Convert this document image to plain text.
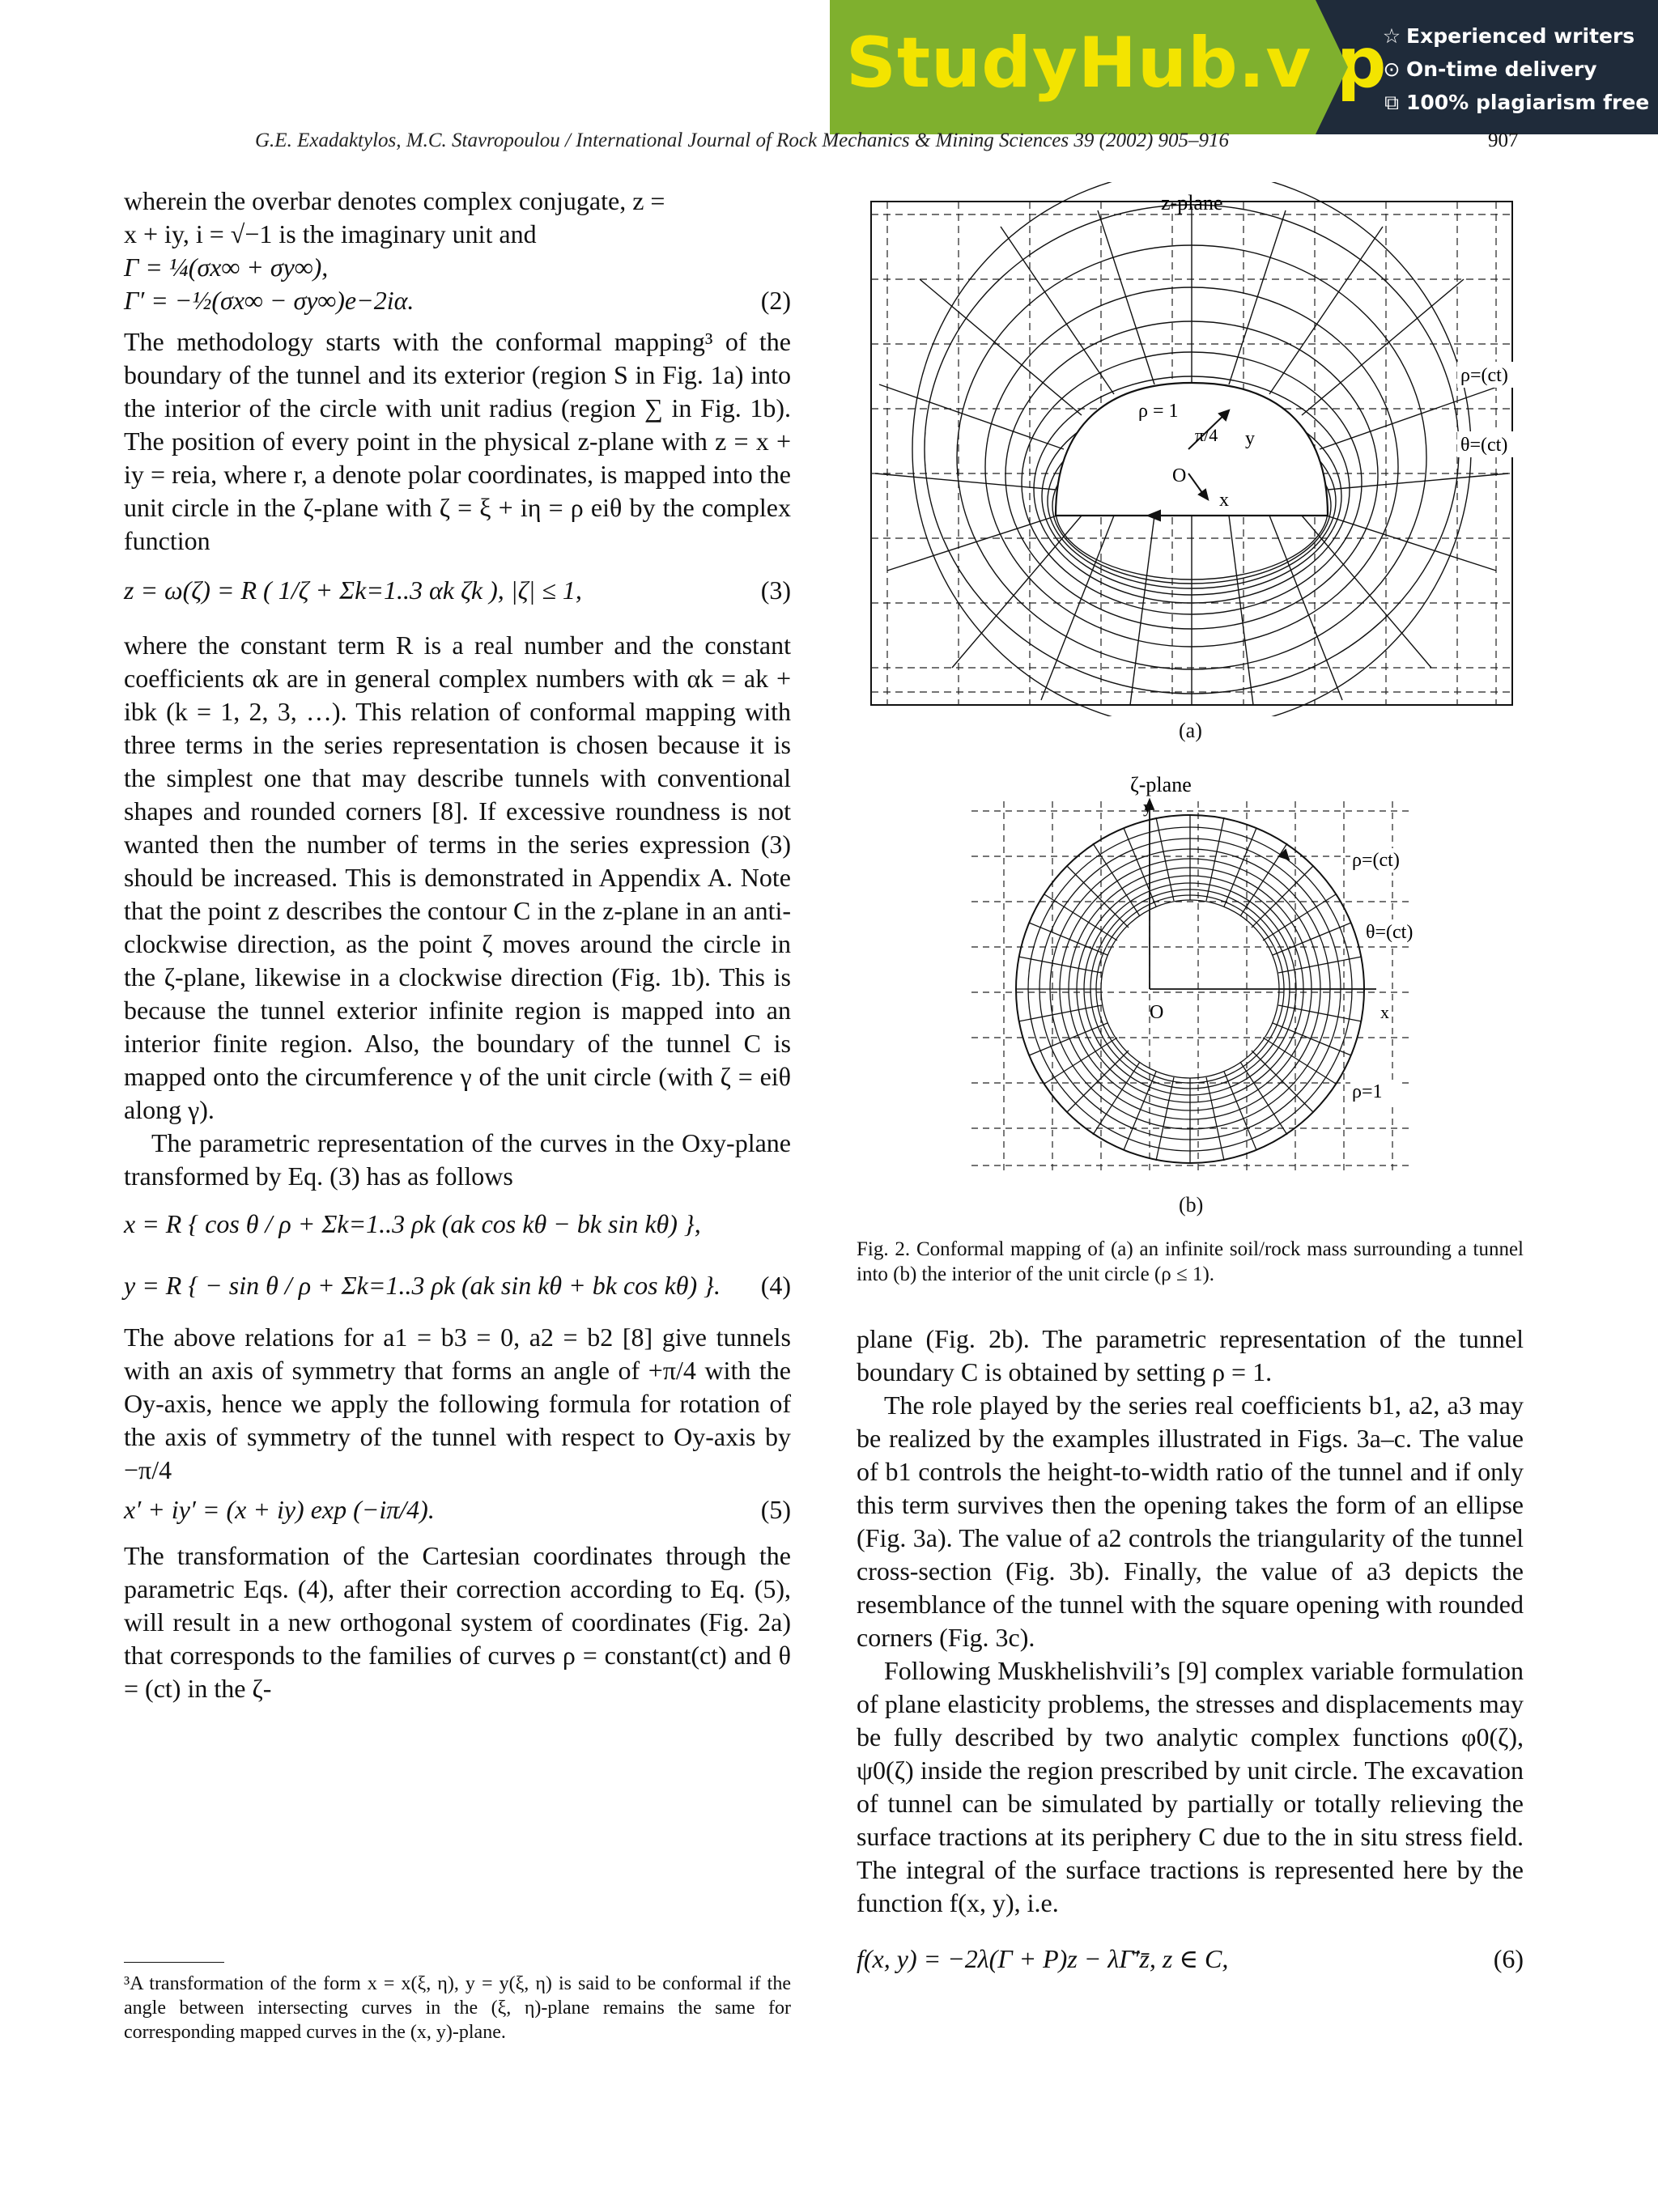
StudyHub.vip
☆ Experienced writers
⊙ On-time delivery
⧉ 100% plagiarism free
G.E. Exadaktylos, M.C. Stavropoulou / International Journal of Rock Mechanics & Mining Sciences 39 (2002) 905–916	907

wherein the overbar denotes complex conjugate, z =

x + iy, i = √−1 is the imaginary unit and

Γ = ¼(σx∞ + σy∞),
Γ′ = −½(σx∞ − σy∞)e−2iα.	(2)

The methodology starts with the conformal mapping³ of the boundary of the tunnel and its exterior (region S in Fig. 1a) into the interior of the circle with unit radius (region ∑ in Fig. 1b). The position of every point in the physical z-plane with z = x + iy = reia, where r, a denote polar coordinates, is mapped into the unit circle in the ζ-plane with ζ = ξ + iη = ρ eiθ by the complex function

z = ω(ζ) = R ( 1/ζ + Σk=1..3 αk ζk ), |ζ| ≤ 1,	(3)

where the constant term R is a real number and the constant coefficients αk are in general complex numbers with αk = ak + ibk (k = 1, 2, 3, …). This relation of conformal mapping with three terms in the series representation is chosen because it is the simplest one that may describe tunnels with conventional shapes and rounded corners [8]. If excessive roundness is not wanted then the number of terms in the series expression (3) should be increased. This is demonstrated in Appendix A. Note that the point z describes the contour C in the z-plane in an anti-clockwise direction, as the point ζ moves around the circle in the ζ-plane, likewise in a clockwise direction (Fig. 1b). This is because the tunnel exterior infinite region is mapped into an interior finite region. Also, the boundary of the tunnel C is mapped onto the circumference γ of the unit circle (with ζ = eiθ along γ).

The parametric representation of the curves in the Oxy-plane transformed by Eq. (3) has as follows

x = R { cos θ / ρ + Σk=1..3 ρk (ak cos kθ − bk sin kθ) },
y = R { − sin θ / ρ + Σk=1..3 ρk (ak sin kθ + bk cos kθ) }. (4)

The above relations for a1 = b3 = 0, a2 = b2 [8] give tunnels with an axis of symmetry that forms an angle of +π/4 with the Oy-axis, hence we apply the following formula for rotation of the axis of symmetry of the tunnel with respect to Oy-axis by −π/4

x′ + iy′ = (x + iy) exp (−iπ/4).	(5)

The transformation of the Cartesian coordinates through the parametric Eqs. (4), after their correction according to Eq. (5), will result in a new orthogonal system of coordinates (Fig. 2a) that corresponds to the families of curves ρ = constant(ct) and θ = (ct) in the ζ-

³A transformation of the form x = x(ξ, η), y = y(ξ, η) is said to be conformal if the angle between intersecting curves in the (ξ, η)-plane remains the same for corresponding mapped curves in the (x, y)-plane.
z-plane
ρ = 1
π/4 y
O
x
ρ=(ct)
θ=(ct)
(a)
ζ-plane
y
x
O
ρ=(ct)
θ=(ct)
ρ=1
(b)
Fig. 2. Conformal mapping of (a) an infinite soil/rock mass surrounding a tunnel into (b) the interior of the unit circle (ρ ≤ 1).

plane (Fig. 2b). The parametric representation of the tunnel boundary C is obtained by setting ρ = 1.

The role played by the series real coefficients b1, a2, a3 may be realized by the examples illustrated in Figs. 3a–c. The value of b1 controls the height-to-width ratio of the tunnel and if only this term survives then the opening takes the form of an ellipse (Fig. 3a). The value of a2 controls the triangularity of the tunnel cross-section (Fig. 3b). Finally, the value of a3 depicts the resemblance of the tunnel with the square opening with rounded corners (Fig. 3c).

Following Muskhelishvili’s [9] complex variable formulation of plane elasticity problems, the stresses and displacements may be fully described by two analytic complex functions φ0(ζ), ψ0(ζ) inside the region prescribed by unit circle. The excavation of tunnel can be simulated by partially or totally relieving the surface tractions at its periphery C due to the in situ stress field. The integral of the surface tractions is represented here by the function f(x, y), i.e.

f(x, y) = −2λ(Γ + P)z − λΓ̄′z̄, z ∈ C,	(6)
